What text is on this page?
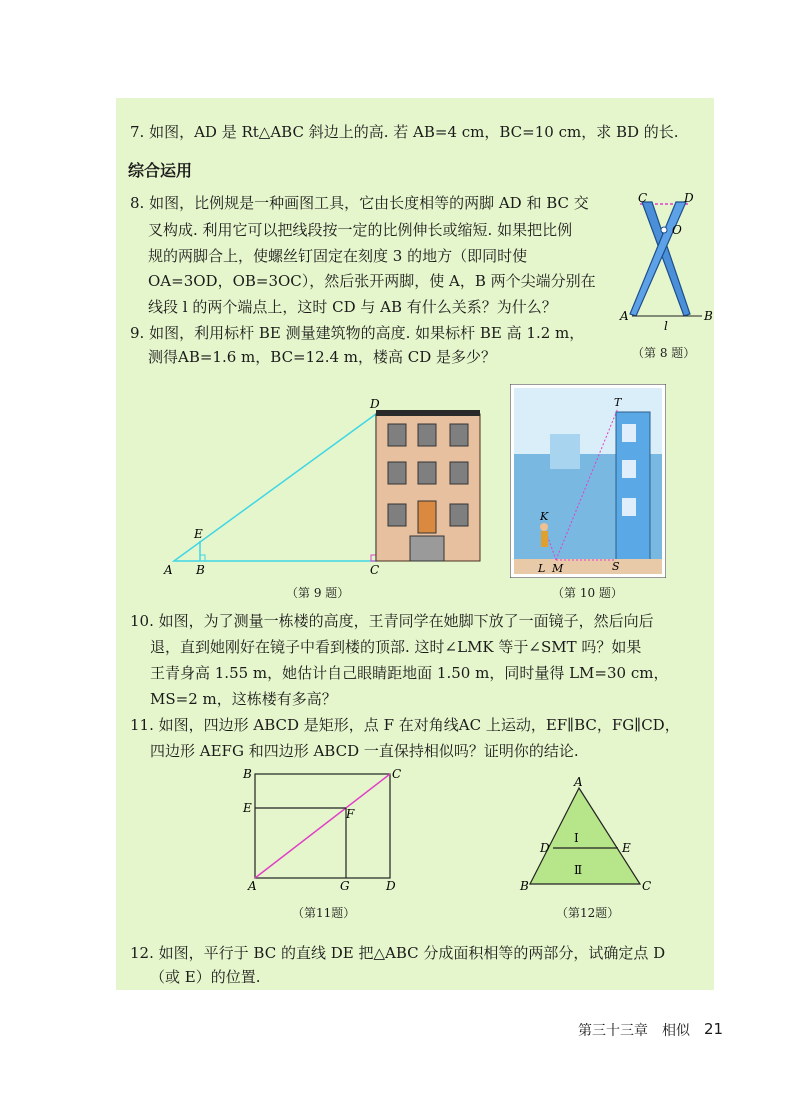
7. 如图，AD 是 Rt△ABC 斜边上的高. 若 AB=4 cm，BC=10 cm，求 BD 的长.
综合运用
8. 如图，比例规是一种画图工具，它由长度相等的两脚 AD 和 BC 交
叉构成. 利用它可以把线段按一定的比例伸长或缩短. 如果把比例
规的两脚合上，使螺丝钉固定在刻度 3 的地方（即同时使
OA=3OD，OB=3OC），然后张开两脚，使 A，B 两个尖端分别在
线段 l 的两个端点上，这时 CD 与 AB 有什么关系？为什么？
9. 如图，利用标杆 BE 测量建筑物的高度. 如果标杆 BE 高 1.2 m，
测得AB=1.6 m，BC=12.4 m，楼高 CD 是多少？
C	D
O
A	B
l
（第 8 题）
D
E
A B	C
（第 9 题）
T
K
L M	S
（第 10 题）
10. 如图，为了测量一栋楼的高度，王青同学在她脚下放了一面镜子，然后向后
退，直到她刚好在镜子中看到楼的顶部. 这时∠LMK 等于∠SMT 吗？如果
王青身高 1.55 m，她估计自己眼睛距地面 1.50 m，同时量得 LM=30 cm，
MS=2 m，这栋楼有多高？
11. 如图，四边形 ABCD 是矩形，点 F 在对角线AC 上运动，EF∥BC，FG∥CD，
四边形 AEFG 和四边形 ABCD 一直保持相似吗？证明你的结论.
B	C
E	F
A	G	D
（第11题）
A
D	E
B	C
Ⅰ
Ⅱ
（第12题）
12. 如图，平行于 BC 的直线 DE 把△ABC 分成面积相等的两部分，试确定点 D
（或 E）的位置.
第三十三章　相似 21
